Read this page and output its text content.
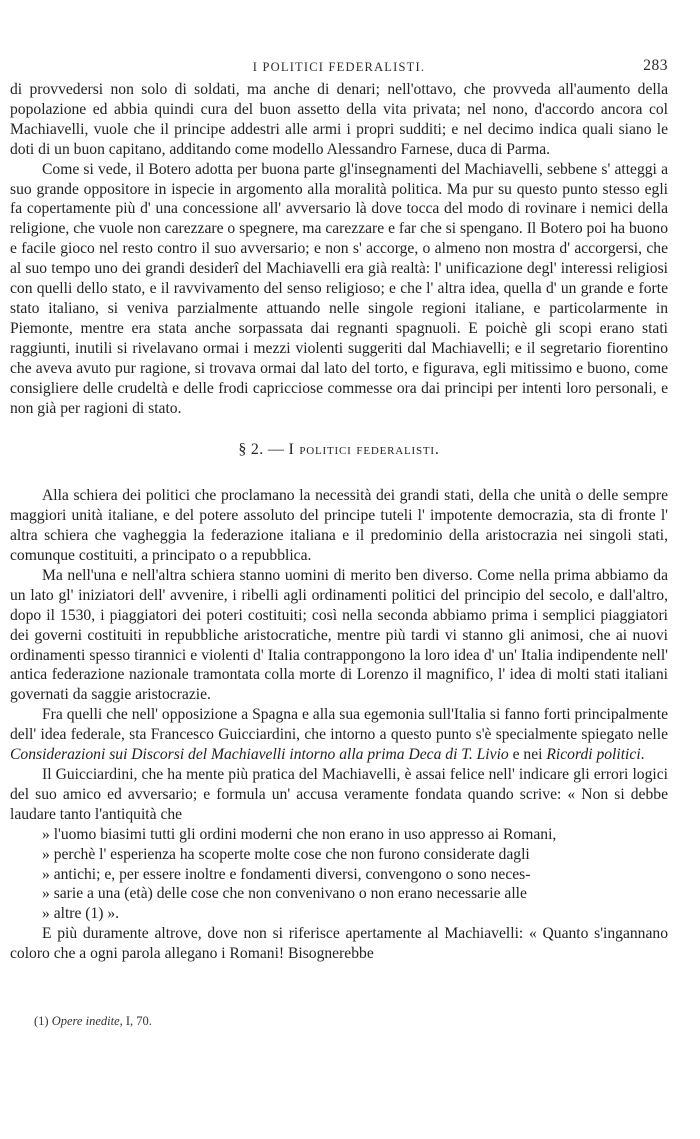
I POLITICI FEDERALISTI.	283

di provvedersi non solo di soldati, ma anche di denari; nell'ottavo, che provveda all'aumento della popolazione ed abbia quindi cura del buon assetto della vita privata; nel nono, d'accordo ancora col Machiavelli, vuole che il principe addestri alle armi i propri sudditi; e nel decimo indica quali siano le doti di un buon capitano, additando come modello Alessandro Farnese, duca di Parma.

Come si vede, il Botero adotta per buona parte gl'insegnamenti del Machiavelli, sebbene s' atteggi a suo grande oppositore in ispecie in argomento alla moralità politica. Ma pur su questo punto stesso egli fa copertamente più d' una concessione all' avversario là dove tocca del modo di rovinare i nemici della religione, che vuole non carezzare o spegnere, ma carezzare e far che si spengano. Il Botero poi ha buono e facile gioco nel resto contro il suo avversario; e non s' accorge, o almeno non mostra d' accorgersi, che al suo tempo uno dei grandi desiderî del Machiavelli era già realtà: l' unificazione degl' interessi religiosi con quelli dello stato, e il ravvivamento del senso religioso; e che l' altra idea, quella d' un grande e forte stato italiano, si veniva parzialmente attuando nelle singole regioni italiane, e particolarmente in Piemonte, mentre era stata anche sorpassata dai regnanti spagnuoli. E poichè gli scopi erano stati raggiunti, inutili si rivelavano ormai i mezzi violenti suggeriti dal Machiavelli; e il segretario fiorentino che aveva avuto pur ragione, si trovava ormai dal lato del torto, e figurava, egli mitissimo e buono, come consigliere delle crudeltà e delle frodi capricciose commesse ora dai principi per intenti loro personali, e non già per ragioni di stato.

§ 2. — I politici federalisti.

Alla schiera dei politici che proclamano la necessità dei grandi stati, della che unità o delle sempre maggiori unità italiane, e del potere assoluto del principe tuteli l' impotente democrazia, sta di fronte l' altra schiera che vagheggia la federazione italiana e il predominio della aristocrazia nei singoli stati, comunque costituiti, a principato o a repubblica.

Ma nell'una e nell'altra schiera stanno uomini di merito ben diverso. Come nella prima abbiamo da un lato gl' iniziatori dell' avvenire, i ribelli agli ordinamenti politici del principio del secolo, e dall'altro, dopo il 1530, i piaggiatori dei poteri costituiti; così nella seconda abbiamo prima i semplici piaggiatori dei governi costituiti in repubbliche aristocratiche, mentre più tardi vi stanno gli animosi, che ai nuovi ordinamenti spesso tirannici e violenti d' Italia contrappongono la loro idea d' un' Italia indipendente nell' antica federazione nazionale tramontata colla morte di Lorenzo il magnifico, l' idea di molti stati italiani governati da saggie aristocrazie.

Fra quelli che nell' opposizione a Spagna e alla sua egemonia sull'Italia si fanno forti principalmente dell' idea federale, sta Francesco Guicciardini, che intorno a questo punto s'è specialmente spiegato nelle Considerazioni sui Discorsi del Machiavelli intorno alla prima Deca di T. Livio e nei Ricordi politici.

Il Guicciardini, che ha mente più pratica del Machiavelli, è assai felice nell' indicare gli errori logici del suo amico ed avversario; e formula un' accusa veramente fondata quando scrive: « Non si debbe laudare tanto l'antiquità che
» l'uomo biasimi tutti gli ordini moderni che non erano in uso appresso ai Romani,
» perchè l' esperienza ha scoperte molte cose che non furono considerate dagli
» antichi; e, per essere inoltre e fondamenti diversi, convengono o sono neces-
» sarie a una (età) delle cose che non convenivano o non erano necessarie alle
» altre (1) ».

E più duramente altrove, dove non si riferisce apertamente al Machiavelli: « Quanto s'ingannano coloro che a ogni parola allegano i Romani! Bisognerebbe

(1) Opere inedite, I, 70.
